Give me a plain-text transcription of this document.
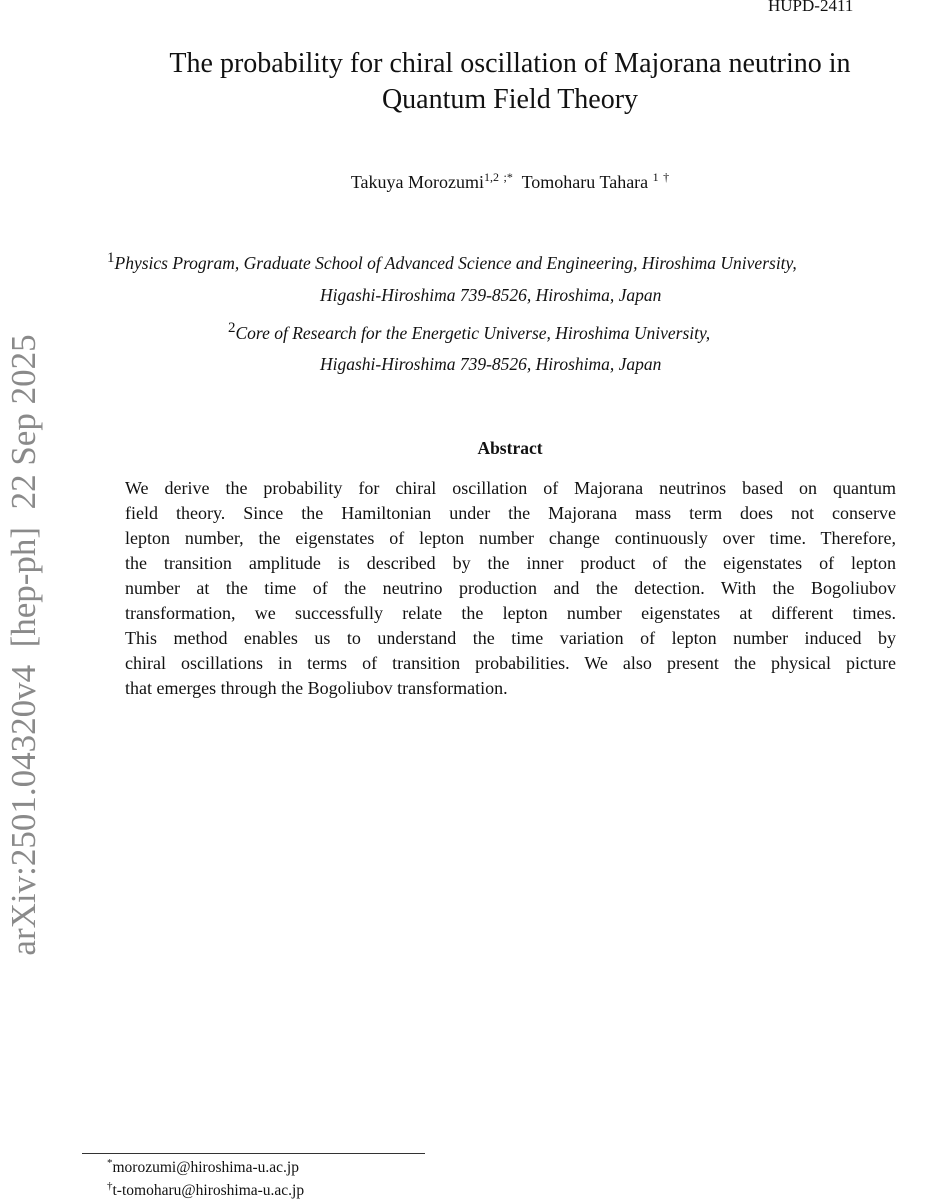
HUPD-2411
The probability for chiral oscillation of Majorana neutrino in
Quantum Field Theory
Takuya Morozumi$^{1,2}$ ;* Tomoharu Tahara $^1$ †
$^1$Physics Program, Graduate School of Advanced Science and Engineering, Hiroshima University,
Higashi-Hiroshima 739-8526, Hiroshima, Japan
$^2$Core of Research for the Energetic Universe, Hiroshima University,
Higashi-Hiroshima 739-8526, Hiroshima, Japan
Abstract
We derive the probability for chiral oscillation of Majorana neutrinos based on quantum
field theory. Since the Hamiltonian under the Majorana mass term does not conserve
lepton number, the eigenstates of lepton number change continuously over time. Therefore,
the transition amplitude is described by the inner product of the eigenstates of lepton
number at the time of the neutrino production and the detection. With the Bogoliubov
transformation, we successfully relate the lepton number eigenstates at different times.
This method enables us to understand the time variation of lepton number induced by
chiral oscillations in terms of transition probabilities. We also present the physical picture
that emerges through the Bogoliubov transformation.
arXiv:2501.04320v4  [hep-ph]  22 Sep 2025
*morozumi@hiroshima-u.ac.jp
†t-tomoharu@hiroshima-u.ac.jp
